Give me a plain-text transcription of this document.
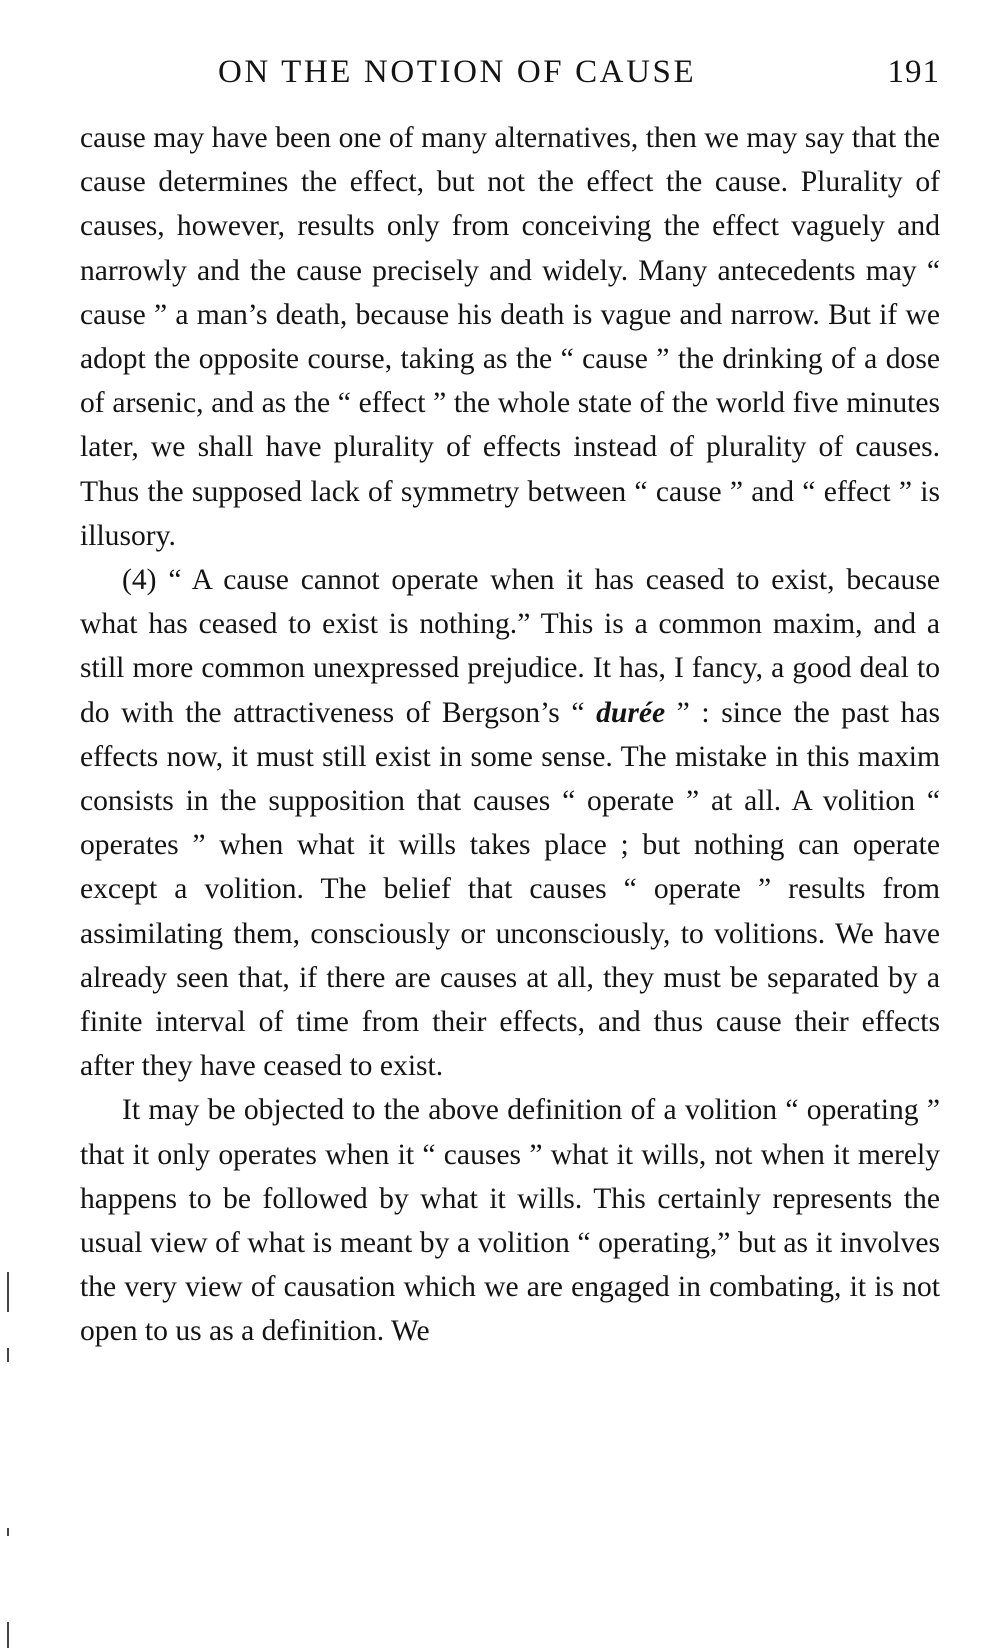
ON THE NOTION OF CAUSE	191

cause may have been one of many alternatives, then we may say that the cause determines the effect, but not the effect the cause. Plurality of causes, however, results only from conceiving the effect vaguely and narrowly and the cause precisely and widely. Many antecedents may “ cause ” a man’s death, because his death is vague and narrow. But if we adopt the opposite course, taking as the “ cause ” the drinking of a dose of arsenic, and as the “ effect ” the whole state of the world five minutes later, we shall have plurality of effects instead of plurality of causes. Thus the supposed lack of symmetry between “ cause ” and “ effect ” is illusory.

(4) “ A cause cannot operate when it has ceased to exist, because what has ceased to exist is nothing.” This is a common maxim, and a still more common unexpressed prejudice. It has, I fancy, a good deal to do with the attractiveness of Bergson’s “ durée ” : since the past has effects now, it must still exist in some sense. The mistake in this maxim consists in the supposition that causes “ operate ” at all. A volition “ operates ” when what it wills takes place ; but nothing can operate except a volition. The belief that causes “ operate ” results from assimilating them, consciously or unconsciously, to volitions. We have already seen that, if there are causes at all, they must be separated by a finite interval of time from their effects, and thus cause their effects after they have ceased to exist.

It may be objected to the above definition of a volition “ operating ” that it only operates when it “ causes ” what it wills, not when it merely happens to be followed by what it wills. This certainly represents the usual view of what is meant by a volition “ operating,” but as it involves the very view of causation which we are engaged in combating, it is not open to us as a definition. We
